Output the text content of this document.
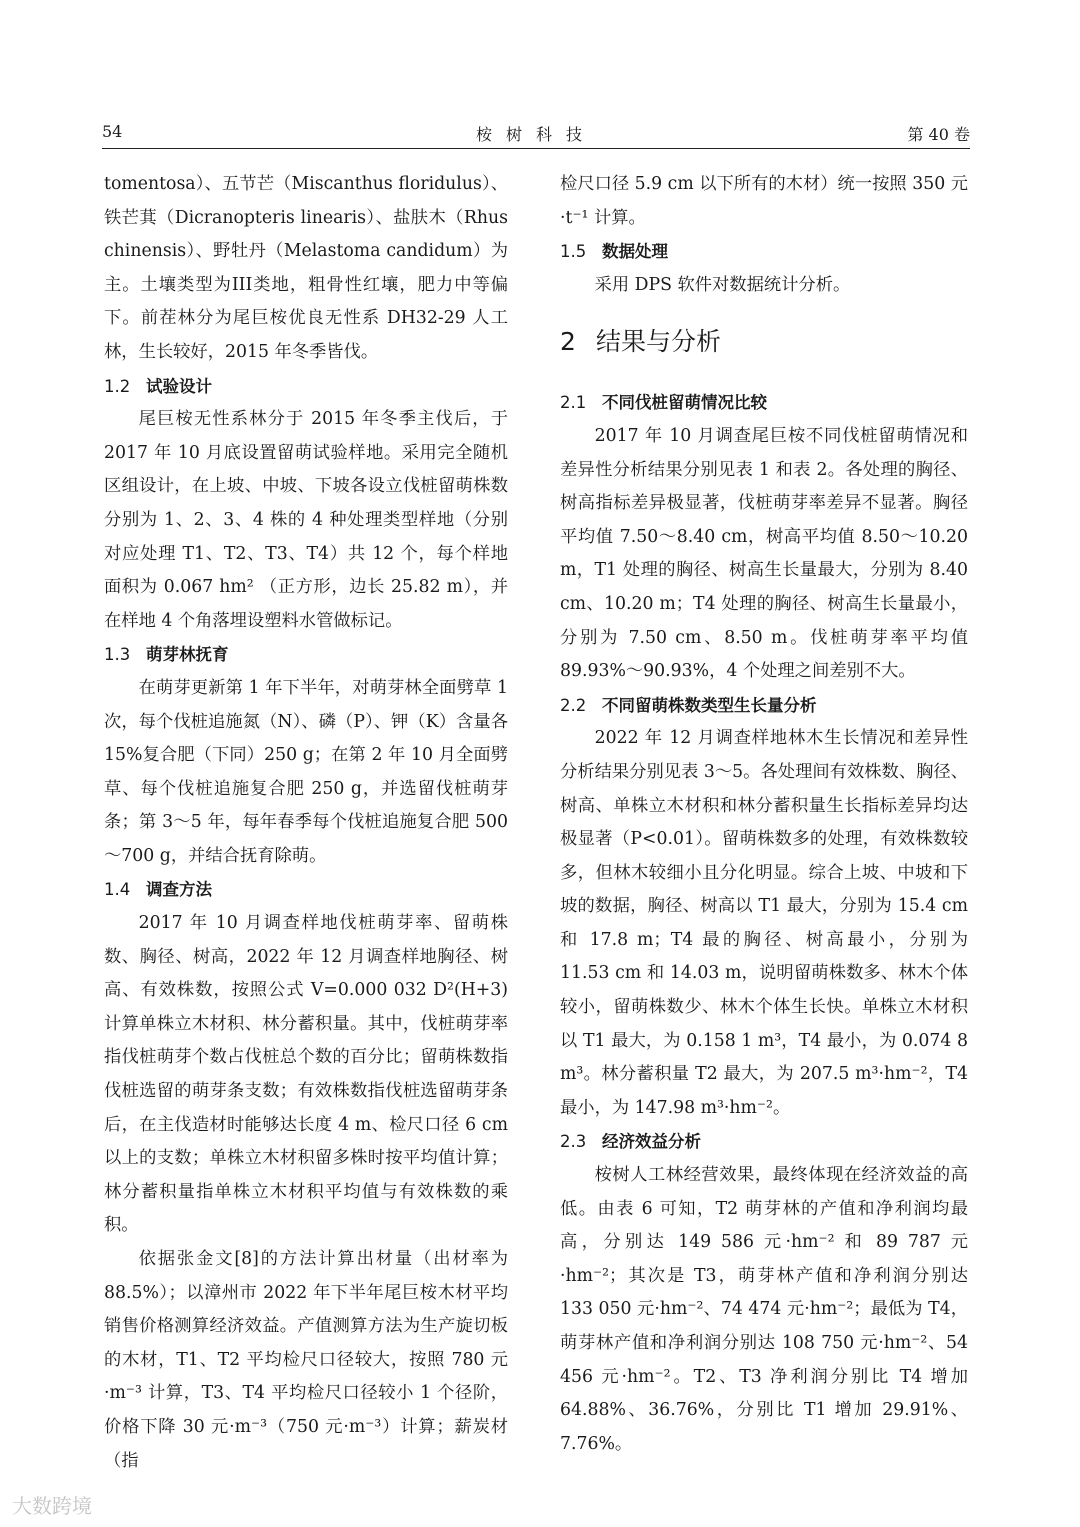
54	桉树科技	第 40 卷

tomentosa）、五节芒（Miscanthus floridulus）、铁芒萁（Dicranopteris linearis）、盐肤木（Rhus chinensis）、野牡丹（Melastoma candidum）为主。土壤类型为III类地，粗骨性红壤，肥力中等偏下。前茬林分为尾巨桉优良无性系 DH32-29 人工林，生长较好，2015 年冬季皆伐。

1.2 试验设计

尾巨桉无性系林分于 2015 年冬季主伐后，于 2017 年 10 月底设置留萌试验样地。采用完全随机区组设计，在上坡、中坡、下坡各设立伐桩留萌株数分别为 1、2、3、4 株的 4 种处理类型样地（分别对应处理 T1、T2、T3、T4）共 12 个，每个样地面积为 0.067 hm² （正方形，边长 25.82 m），并在样地 4 个角落埋设塑料水管做标记。

1.3 萌芽林抚育

在萌芽更新第 1 年下半年，对萌芽林全面劈草 1 次，每个伐桩追施氮（N）、磷（P）、钾（K）含量各 15%复合肥（下同）250 g；在第 2 年 10 月全面劈草、每个伐桩追施复合肥 250 g，并选留伐桩萌芽条；第 3～5 年，每年春季每个伐桩追施复合肥 500～700 g，并结合抚育除萌。

1.4 调查方法

2017 年 10 月调查样地伐桩萌芽率、留萌株数、胸径、树高，2022 年 12 月调查样地胸径、树高、有效株数，按照公式 V=0.000 032 D²(H+3)计算单株立木材积、林分蓄积量。其中，伐桩萌芽率指伐桩萌芽个数占伐桩总个数的百分比；留萌株数指伐桩选留的萌芽条支数；有效株数指伐桩选留萌芽条后，在主伐造材时能够达长度 4 m、检尺口径 6 cm 以上的支数；单株立木材积留多株时按平均值计算；林分蓄积量指单株立木材积平均值与有效株数的乘积。

依据张金文[8]的方法计算出材量（出材率为 88.5%）；以漳州市 2022 年下半年尾巨桉木材平均销售价格测算经济效益。产值测算方法为生产旋切板的木材，T1、T2 平均检尺口径较大，按照 780 元·m⁻³ 计算，T3、T4 平均检尺口径较小 1 个径阶，价格下降 30 元·m⁻³（750 元·m⁻³）计算；薪炭材（指

检尺口径 5.9 cm 以下所有的木材）统一按照 350 元·t⁻¹ 计算。

1.5 数据处理

采用 DPS 软件对数据统计分析。

2 结果与分析
2.1 不同伐桩留萌情况比较

2017 年 10 月调查尾巨桉不同伐桩留萌情况和差异性分析结果分别见表 1 和表 2。各处理的胸径、树高指标差异极显著，伐桩萌芽率差异不显著。胸径平均值 7.50～8.40 cm，树高平均值 8.50～10.20 m，T1 处理的胸径、树高生长量最大，分别为 8.40 cm、10.20 m；T4 处理的胸径、树高生长量最小，分别为 7.50 cm、8.50 m。伐桩萌芽率平均值 89.93%～90.93%，4 个处理之间差别不大。

2.2 不同留萌株数类型生长量分析

2022 年 12 月调查样地林木生长情况和差异性分析结果分别见表 3～5。各处理间有效株数、胸径、树高、单株立木材积和林分蓄积量生长指标差异均达极显著（P<0.01）。留萌株数多的处理，有效株数较多，但林木较细小且分化明显。综合上坡、中坡和下坡的数据，胸径、树高以 T1 最大，分别为 15.4 cm 和 17.8 m；T4 最的胸径、树高最小，分别为 11.53 cm 和 14.03 m，说明留萌株数多、林木个体较小，留萌株数少、林木个体生长快。单株立木材积以 T1 最大，为 0.158 1 m³，T4 最小，为 0.074 8 m³。林分蓄积量 T2 最大，为 207.5 m³·hm⁻²，T4 最小，为 147.98 m³·hm⁻²。

2.3 经济效益分析

桉树人工林经营效果，最终体现在经济效益的高低。由表 6 可知，T2 萌芽林的产值和净利润均最高，分别达 149 586 元·hm⁻² 和 89 787 元·hm⁻²；其次是 T3，萌芽林产值和净利润分别达 133 050 元·hm⁻²、74 474 元·hm⁻²；最低为 T4，萌芽林产值和净利润分别达 108 750 元·hm⁻²、54 456 元·hm⁻²。T2、T3 净利润分别比 T4 增加 64.88%、36.76%，分别比 T1 增加 29.91%、7.76%。

大数跨境
